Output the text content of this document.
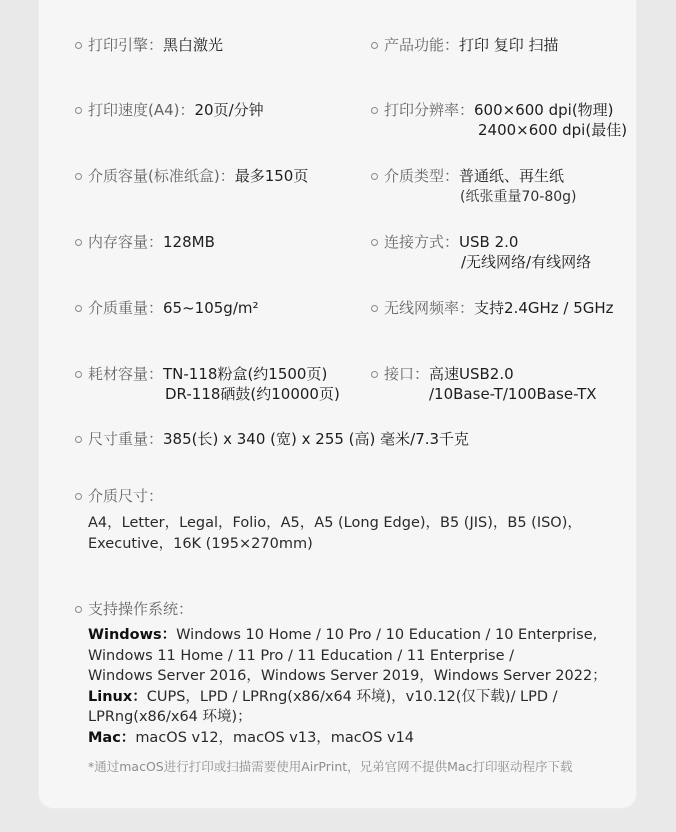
打印引擎：黑白激光	产品功能：打印 复印 扫描
打印速度(A4)：20页/分钟	打印分辨率：600×600 dpi(物理)
2400×600 dpi(最佳)
介质容量(标准纸盒)：最多150页	介质类型：普通纸、再生纸
(纸张重量70-80g)
内存容量：128MB	连接方式：USB 2.0
/无线网络/有线网络
介质重量：65~105g/m²	无线网频率：支持2.4GHz / 5GHz
耗材容量：TN-118粉盒(约1500页)
DR-118硒鼓(约10000页)
接口：高速USB2.0
/10Base-T/100Base-TX
尺寸重量：385(长) x 340 (宽) x 255 (高) 毫米/7.3千克
介质尺寸：
A4，Letter，Legal，Folio，A5，A5 (Long Edge)，B5 (JIS)，B5 (ISO)，
Executive，16K (195×270mm)
支持操作系统：
Windows：Windows 10 Home / 10 Pro / 10 Education / 10 Enterprise,
Windows 11 Home / 11 Pro / 11 Education / 11 Enterprise /
Windows Server 2016，Windows Server 2019，Windows Server 2022；
Linux：CUPS，LPD / LPRng(x86/x64 环境)，v10.12(仅下载)/ LPD /
LPRng(x86/x64 环境)；
Mac：macOS v12，macOS v13，macOS v14
*通过macOS进行打印或扫描需要使用AirPrint，兄弟官网不提供Mac打印驱动程序下载
